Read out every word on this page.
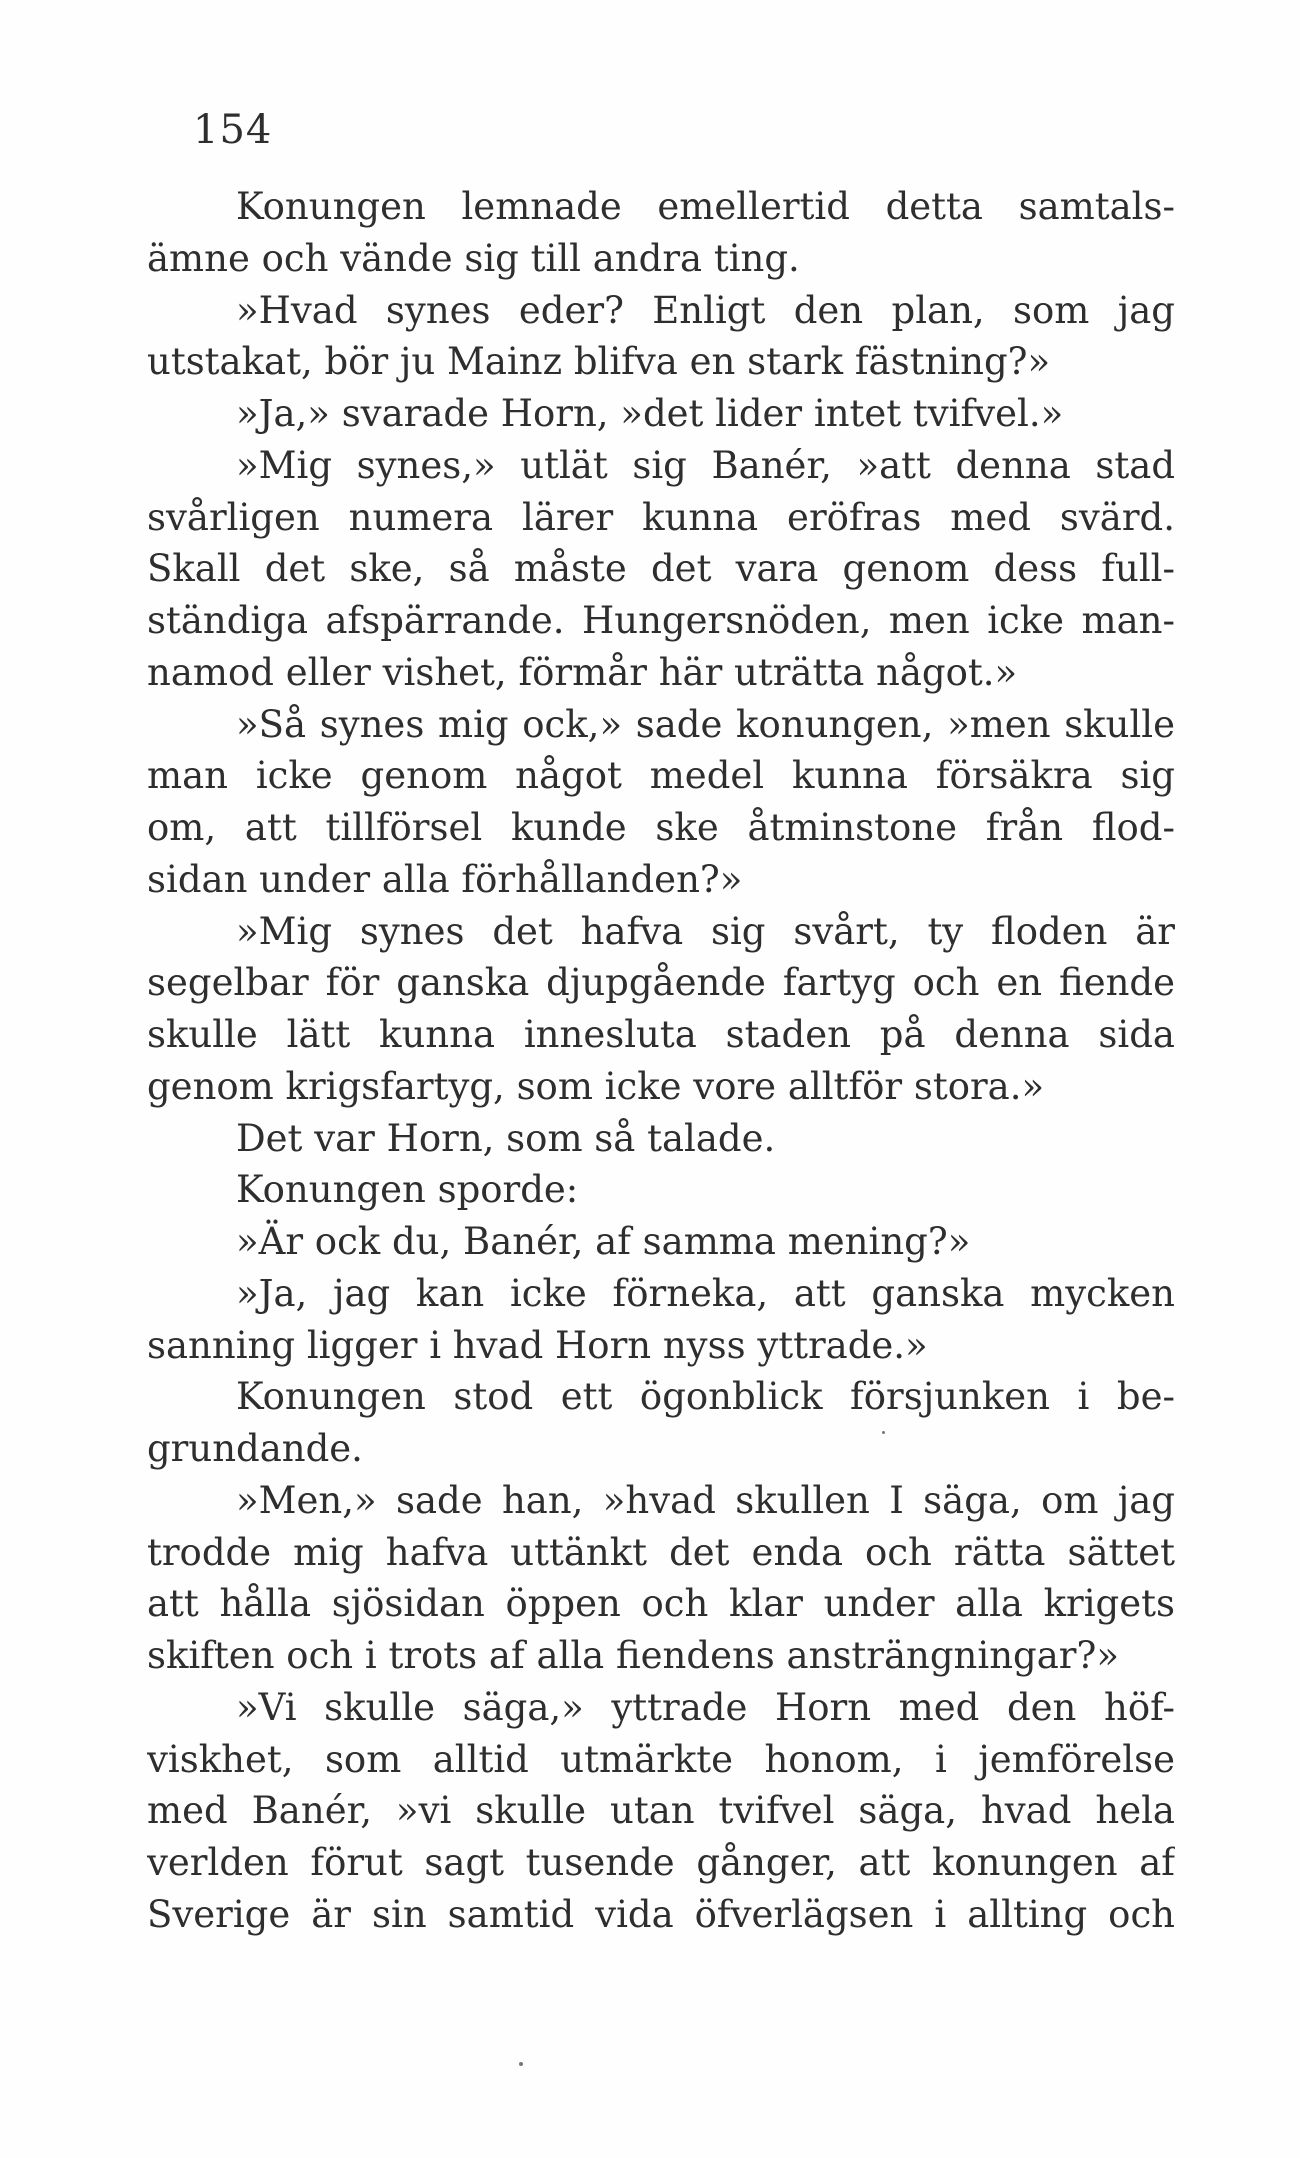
154
Konungen lemnade emellertid detta samtals-
ämne och vände sig till andra ting.
»Hvad synes eder? Enligt den plan, som jag
utstakat, bör ju Mainz blifva en stark fästning?»
»Ja,» svarade Horn, »det lider intet tvifvel.»
»Mig synes,» utlät sig Banér, »att denna stad
svårligen numera lärer kunna eröfras med svärd.
Skall det ske, så måste det vara genom dess full-
ständiga afspärrande. Hungersnöden, men icke man-
namod eller vishet, förmår här uträtta något.»
»Så synes mig ock,» sade konungen, »men skulle
man icke genom något medel kunna försäkra sig
om, att tillförsel kunde ske åtminstone från flod-
sidan under alla förhållanden?»
»Mig synes det hafva sig svårt, ty floden är
segelbar för ganska djupgående fartyg och en fiende
skulle lätt kunna innesluta staden på denna sida
genom krigsfartyg, som icke vore alltför stora.»
Det var Horn, som så talade.
Konungen sporde:
»Är ock du, Banér, af samma mening?»
»Ja, jag kan icke förneka, att ganska mycken
sanning ligger i hvad Horn nyss yttrade.»
Konungen stod ett ögonblick försjunken i be-
grundande.
»Men,» sade han, »hvad skullen I säga, om jag
trodde mig hafva uttänkt det enda och rätta sättet
att hålla sjösidan öppen och klar under alla krigets
skiften och i trots af alla fiendens ansträngningar?»
»Vi skulle säga,» yttrade Horn med den höf-
viskhet, som alltid utmärkte honom, i jemförelse
med Banér, »vi skulle utan tvifvel säga, hvad hela
verlden förut sagt tusende gånger, att konungen af
Sverige är sin samtid vida öfverlägsen i allting och
